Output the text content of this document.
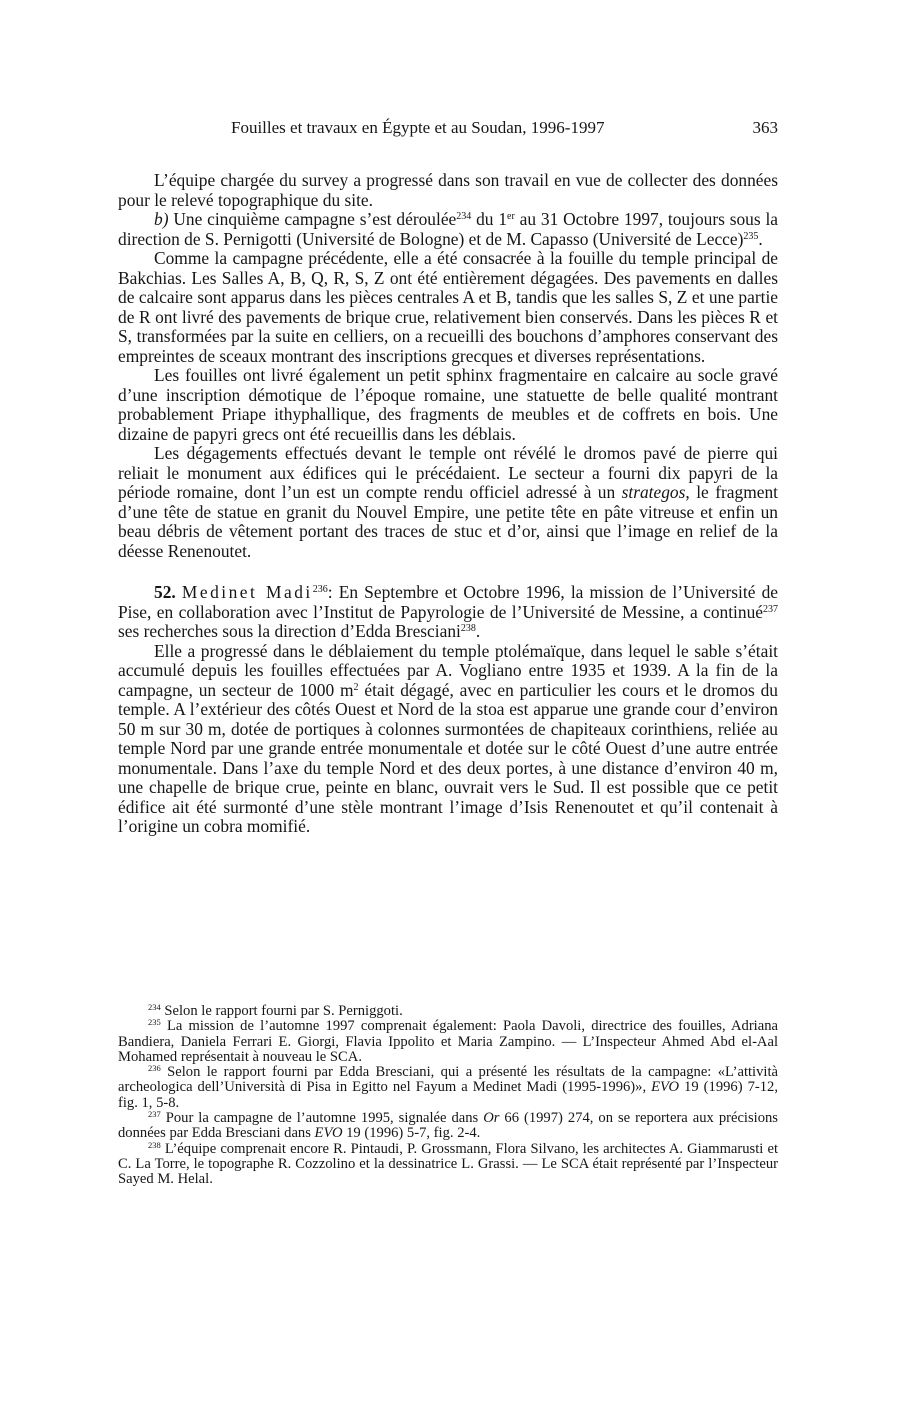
Fouilles et travaux en Égypte et au Soudan, 1996-1997	363

L’équipe chargée du survey a progressé dans son travail en vue de collecter des données pour le relevé topographique du site.

b) Une cinquième campagne s’est déroulée$^{234}$ du 1er au 31 Octobre 1997, toujours sous la direction de S. Pernigotti (Université de Bologne) et de M. Capasso (Université de Lecce)$^{235}$.

Comme la campagne précédente, elle a été consacrée à la fouille du temple principal de Bakchias. Les Salles A, B, Q, R, S, Z ont été entièrement dégagées. Des pavements en dalles de calcaire sont apparus dans les pièces centrales A et B, tandis que les salles S, Z et une partie de R ont livré des pavements de brique crue, relativement bien conservés. Dans les pièces R et S, transformées par la suite en celliers, on a recueilli des bouchons d’amphores conservant des empreintes de sceaux montrant des inscriptions grecques et diverses représentations.

Les fouilles ont livré également un petit sphinx fragmentaire en calcaire au socle gravé d’une inscription démotique de l’époque romaine, une statuette de belle qualité montrant probablement Priape ithyphallique, des fragments de meubles et de coffrets en bois. Une dizaine de papyri grecs ont été recueillis dans les déblais.

Les dégagements effectués devant le temple ont révélé le dromos pavé de pierre qui reliait le monument aux édifices qui le précédaient. Le secteur a fourni dix papyri de la période romaine, dont l’un est un compte rendu officiel adressé à un strategos, le fragment d’une tête de statue en granit du Nouvel Empire, une petite tête en pâte vitreuse et enfin un beau débris de vêtement portant des traces de stuc et d’or, ainsi que l’image en relief de la déesse Renenoutet.

52. Medinet Madi$^{236}$: En Septembre et Octobre 1996, la mission de l’Université de Pise, en collaboration avec l’Institut de Papyrologie de l’Université de Messine, a continué$^{237}$ ses recherches sous la direction d’Edda Bresciani$^{238}$.

Elle a progressé dans le déblaiement du temple ptolémaïque, dans lequel le sable s’était accumulé depuis les fouilles effectuées par A. Vogliano entre 1935 et 1939. A la fin de la campagne, un secteur de 1000 $m^2$ était dégagé, avec en particulier les cours et le dromos du temple. A l’extérieur des côtés Ouest et Nord de la stoa est apparue une grande cour d’environ 50 m sur 30 m, dotée de portiques à colonnes surmontées de chapiteaux corinthiens, reliée au temple Nord par une grande entrée monumentale et dotée sur le côté Ouest d’une autre entrée monumentale. Dans l’axe du temple Nord et des deux portes, à une distance d’environ 40 m, une chapelle de brique crue, peinte en blanc, ouvrait vers le Sud. Il est possible que ce petit édifice ait été surmonté d’une stèle montrant l’image d’Isis Renenoutet et qu’il contenait à l’origine un cobra momifié.

$^{234}$ Selon le rapport fourni par S. Perniggoti.

$^{235}$ La mission de l’automne 1997 comprenait également: Paola Davoli, directrice des fouilles, Adriana Bandiera, Daniela Ferrari E. Giorgi, Flavia Ippolito et Maria Zampino. — L’Inspecteur Ahmed Abd el-Aal Mohamed représentait à nouveau le SCA.

$^{236}$ Selon le rapport fourni par Edda Bresciani, qui a présenté les résultats de la campagne: «L’attività archeologica dell’Università di Pisa in Egitto nel Fayum a Medinet Madi (1995-1996)», EVO 19 (1996) 7-12, fig. 1, 5-8.

$^{237}$ Pour la campagne de l’automne 1995, signalée dans Or 66 (1997) 274, on se reportera aux précisions données par Edda Bresciani dans EVO 19 (1996) 5-7, fig. 2-4.

$^{238}$ L’équipe comprenait encore R. Pintaudi, P. Grossmann, Flora Silvano, les architectes A. Giammarusti et C. La Torre, le topographe R. Cozzolino et la dessinatrice L. Grassi. — Le SCA était représenté par l’Inspecteur Sayed M. Helal.
